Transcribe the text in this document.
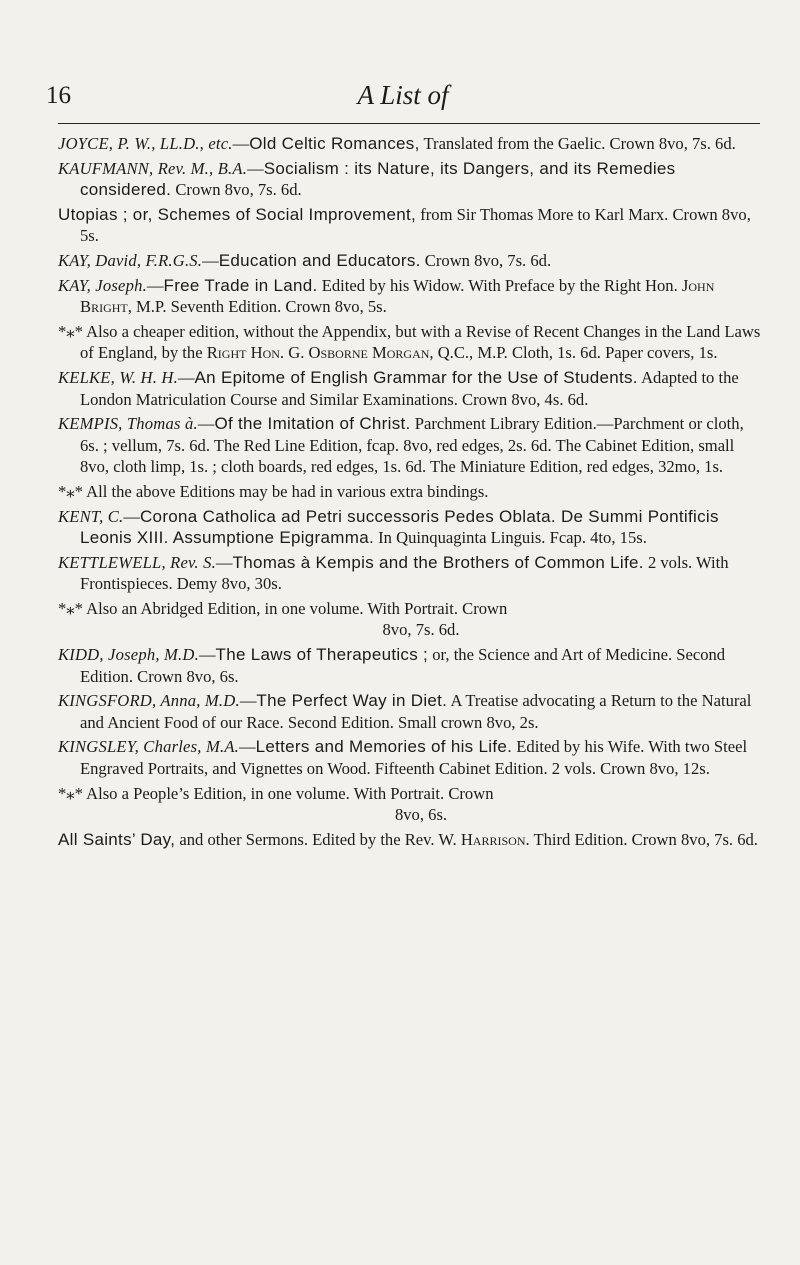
16	A List of

JOYCE, P. W., LL.D., etc.—Old Celtic Romances, Translated from the Gaelic. Crown 8vo, 7s. 6d.

KAUFMANN, Rev. M., B.A.—Socialism : its Nature, its Dangers, and its Remedies considered. Crown 8vo, 7s. 6d.

Utopias ; or, Schemes of Social Improvement, from Sir Thomas More to Karl Marx. Crown 8vo, 5s.

KAY, David, F.R.G.S.—Education and Educators. Crown 8vo, 7s. 6d.

KAY, Joseph.—Free Trade in Land. Edited by his Widow. With Preface by the Right Hon. John Bright, M.P. Seventh Edition. Crown 8vo, 5s.

*⁎* Also a cheaper edition, without the Appendix, but with a Revise of Recent Changes in the Land Laws of England, by the Right Hon. G. Osborne Morgan, Q.C., M.P. Cloth, 1s. 6d. Paper covers, 1s.

KELKE, W. H. H.—An Epitome of English Grammar for the Use of Students. Adapted to the London Matriculation Course and Similar Examinations. Crown 8vo, 4s. 6d.

KEMPIS, Thomas à.—Of the Imitation of Christ. Parchment Library Edition.—Parchment or cloth, 6s. ; vellum, 7s. 6d. The Red Line Edition, fcap. 8vo, red edges, 2s. 6d. The Cabinet Edition, small 8vo, cloth limp, 1s. ; cloth boards, red edges, 1s. 6d. The Miniature Edition, red edges, 32mo, 1s.

*⁎* All the above Editions may be had in various extra bindings.

KENT, C.—Corona Catholica ad Petri successoris Pedes Oblata. De Summi Pontificis Leonis XIII. Assumptione Epigramma. In Quinquaginta Linguis. Fcap. 4to, 15s.

KETTLEWELL, Rev. S.—Thomas à Kempis and the Brothers of Common Life. 2 vols. With Frontispieces. Demy 8vo, 30s.

*⁎* Also an Abridged Edition, in one volume. With Portrait. Crown
8vo, 7s. 6d.

KIDD, Joseph, M.D.—The Laws of Therapeutics ; or, the Science and Art of Medicine. Second Edition. Crown 8vo, 6s.

KINGSFORD, Anna, M.D.—The Perfect Way in Diet. A Treatise advocating a Return to the Natural and Ancient Food of our Race. Second Edition. Small crown 8vo, 2s.

KINGSLEY, Charles, M.A.—Letters and Memories of his Life. Edited by his Wife. With two Steel Engraved Portraits, and Vignettes on Wood. Fifteenth Cabinet Edition. 2 vols. Crown 8vo, 12s.

*⁎* Also a People’s Edition, in one volume. With Portrait. Crown
8vo, 6s.

All Saints’ Day, and other Sermons. Edited by the Rev. W. Harrison. Third Edition. Crown 8vo, 7s. 6d.
